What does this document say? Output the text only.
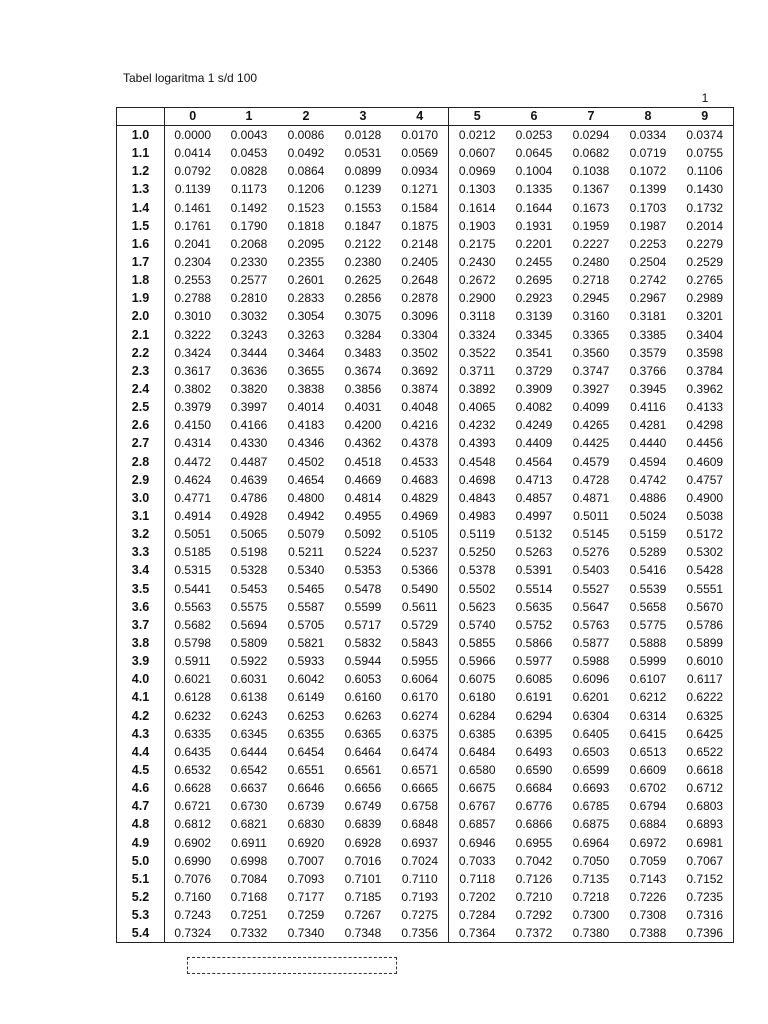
Tabel logaritma 1 s/d 100
1
	0	1	2	3	4	5	6	7	8	9
1.0	0.0000	0.0043	0.0086	0.0128	0.0170	0.0212	0.0253	0.0294	0.0334	0.0374
1.1	0.0414	0.0453	0.0492	0.0531	0.0569	0.0607	0.0645	0.0682	0.0719	0.0755
1.2	0.0792	0.0828	0.0864	0.0899	0.0934	0.0969	0.1004	0.1038	0.1072	0.1106
1.3	0.1139	0.1173	0.1206	0.1239	0.1271	0.1303	0.1335	0.1367	0.1399	0.1430
1.4	0.1461	0.1492	0.1523	0.1553	0.1584	0.1614	0.1644	0.1673	0.1703	0.1732
1.5	0.1761	0.1790	0.1818	0.1847	0.1875	0.1903	0.1931	0.1959	0.1987	0.2014
1.6	0.2041	0.2068	0.2095	0.2122	0.2148	0.2175	0.2201	0.2227	0.2253	0.2279
1.7	0.2304	0.2330	0.2355	0.2380	0.2405	0.2430	0.2455	0.2480	0.2504	0.2529
1.8	0.2553	0.2577	0.2601	0.2625	0.2648	0.2672	0.2695	0.2718	0.2742	0.2765
1.9	0.2788	0.2810	0.2833	0.2856	0.2878	0.2900	0.2923	0.2945	0.2967	0.2989
2.0	0.3010	0.3032	0.3054	0.3075	0.3096	0.3118	0.3139	0.3160	0.3181	0.3201
2.1	0.3222	0.3243	0.3263	0.3284	0.3304	0.3324	0.3345	0.3365	0.3385	0.3404
2.2	0.3424	0.3444	0.3464	0.3483	0.3502	0.3522	0.3541	0.3560	0.3579	0.3598
2.3	0.3617	0.3636	0.3655	0.3674	0.3692	0.3711	0.3729	0.3747	0.3766	0.3784
2.4	0.3802	0.3820	0.3838	0.3856	0.3874	0.3892	0.3909	0.3927	0.3945	0.3962
2.5	0.3979	0.3997	0.4014	0.4031	0.4048	0.4065	0.4082	0.4099	0.4116	0.4133
2.6	0.4150	0.4166	0.4183	0.4200	0.4216	0.4232	0.4249	0.4265	0.4281	0.4298
2.7	0.4314	0.4330	0.4346	0.4362	0.4378	0.4393	0.4409	0.4425	0.4440	0.4456
2.8	0.4472	0.4487	0.4502	0.4518	0.4533	0.4548	0.4564	0.4579	0.4594	0.4609
2.9	0.4624	0.4639	0.4654	0.4669	0.4683	0.4698	0.4713	0.4728	0.4742	0.4757
3.0	0.4771	0.4786	0.4800	0.4814	0.4829	0.4843	0.4857	0.4871	0.4886	0.4900
3.1	0.4914	0.4928	0.4942	0.4955	0.4969	0.4983	0.4997	0.5011	0.5024	0.5038
3.2	0.5051	0.5065	0.5079	0.5092	0.5105	0.5119	0.5132	0.5145	0.5159	0.5172
3.3	0.5185	0.5198	0.5211	0.5224	0.5237	0.5250	0.5263	0.5276	0.5289	0.5302
3.4	0.5315	0.5328	0.5340	0.5353	0.5366	0.5378	0.5391	0.5403	0.5416	0.5428
3.5	0.5441	0.5453	0.5465	0.5478	0.5490	0.5502	0.5514	0.5527	0.5539	0.5551
3.6	0.5563	0.5575	0.5587	0.5599	0.5611	0.5623	0.5635	0.5647	0.5658	0.5670
3.7	0.5682	0.5694	0.5705	0.5717	0.5729	0.5740	0.5752	0.5763	0.5775	0.5786
3.8	0.5798	0.5809	0.5821	0.5832	0.5843	0.5855	0.5866	0.5877	0.5888	0.5899
3.9	0.5911	0.5922	0.5933	0.5944	0.5955	0.5966	0.5977	0.5988	0.5999	0.6010
4.0	0.6021	0.6031	0.6042	0.6053	0.6064	0.6075	0.6085	0.6096	0.6107	0.6117
4.1	0.6128	0.6138	0.6149	0.6160	0.6170	0.6180	0.6191	0.6201	0.6212	0.6222
4.2	0.6232	0.6243	0.6253	0.6263	0.6274	0.6284	0.6294	0.6304	0.6314	0.6325
4.3	0.6335	0.6345	0.6355	0.6365	0.6375	0.6385	0.6395	0.6405	0.6415	0.6425
4.4	0.6435	0.6444	0.6454	0.6464	0.6474	0.6484	0.6493	0.6503	0.6513	0.6522
4.5	0.6532	0.6542	0.6551	0.6561	0.6571	0.6580	0.6590	0.6599	0.6609	0.6618
4.6	0.6628	0.6637	0.6646	0.6656	0.6665	0.6675	0.6684	0.6693	0.6702	0.6712
4.7	0.6721	0.6730	0.6739	0.6749	0.6758	0.6767	0.6776	0.6785	0.6794	0.6803
4.8	0.6812	0.6821	0.6830	0.6839	0.6848	0.6857	0.6866	0.6875	0.6884	0.6893
4.9	0.6902	0.6911	0.6920	0.6928	0.6937	0.6946	0.6955	0.6964	0.6972	0.6981
5.0	0.6990	0.6998	0.7007	0.7016	0.7024	0.7033	0.7042	0.7050	0.7059	0.7067
5.1	0.7076	0.7084	0.7093	0.7101	0.7110	0.7118	0.7126	0.7135	0.7143	0.7152
5.2	0.7160	0.7168	0.7177	0.7185	0.7193	0.7202	0.7210	0.7218	0.7226	0.7235
5.3	0.7243	0.7251	0.7259	0.7267	0.7275	0.7284	0.7292	0.7300	0.7308	0.7316
5.4	0.7324	0.7332	0.7340	0.7348	0.7356	0.7364	0.7372	0.7380	0.7388	0.7396
